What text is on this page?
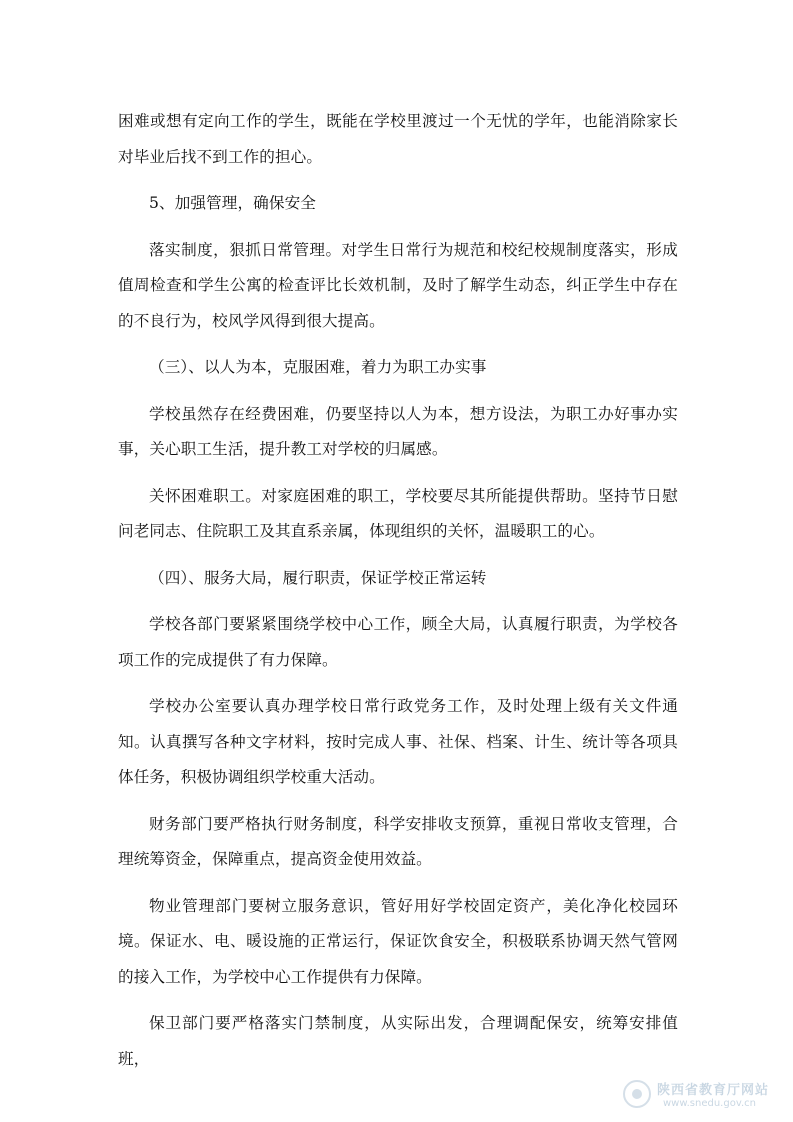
困难或想有定向工作的学生，既能在学校里渡过一个无忧的学年，也能消除家长对毕业后找不到工作的担心。

5、加强管理，确保安全

落实制度，狠抓日常管理。对学生日常行为规范和校纪校规制度落实，形成值周检查和学生公寓的检查评比长效机制，及时了解学生动态，纠正学生中存在的不良行为，校风学风得到很大提高。

（三）、以人为本，克服困难，着力为职工办实事

学校虽然存在经费困难，仍要坚持以人为本，想方设法，为职工办好事办实事，关心职工生活，提升教工对学校的归属感。

关怀困难职工。对家庭困难的职工，学校要尽其所能提供帮助。坚持节日慰问老同志、住院职工及其直系亲属，体现组织的关怀，温暖职工的心。

（四）、服务大局，履行职责，保证学校正常运转

学校各部门要紧紧围绕学校中心工作，顾全大局，认真履行职责，为学校各项工作的完成提供了有力保障。

学校办公室要认真办理学校日常行政党务工作，及时处理上级有关文件通知。认真撰写各种文字材料，按时完成人事、社保、档案、计生、统计等各项具体任务，积极协调组织学校重大活动。

财务部门要严格执行财务制度，科学安排收支预算，重视日常收支管理，合理统筹资金，保障重点，提高资金使用效益。

物业管理部门要树立服务意识，管好用好学校固定资产，美化净化校园环境。保证水、电、暖设施的正常运行，保证饮食安全，积极联系协调天然气管网的接入工作，为学校中心工作提供有力保障。

保卫部门要严格落实门禁制度，从实际出发，合理调配保安，统筹安排值班，

陕西省教育厅网站
www.snedu.gov.cn
